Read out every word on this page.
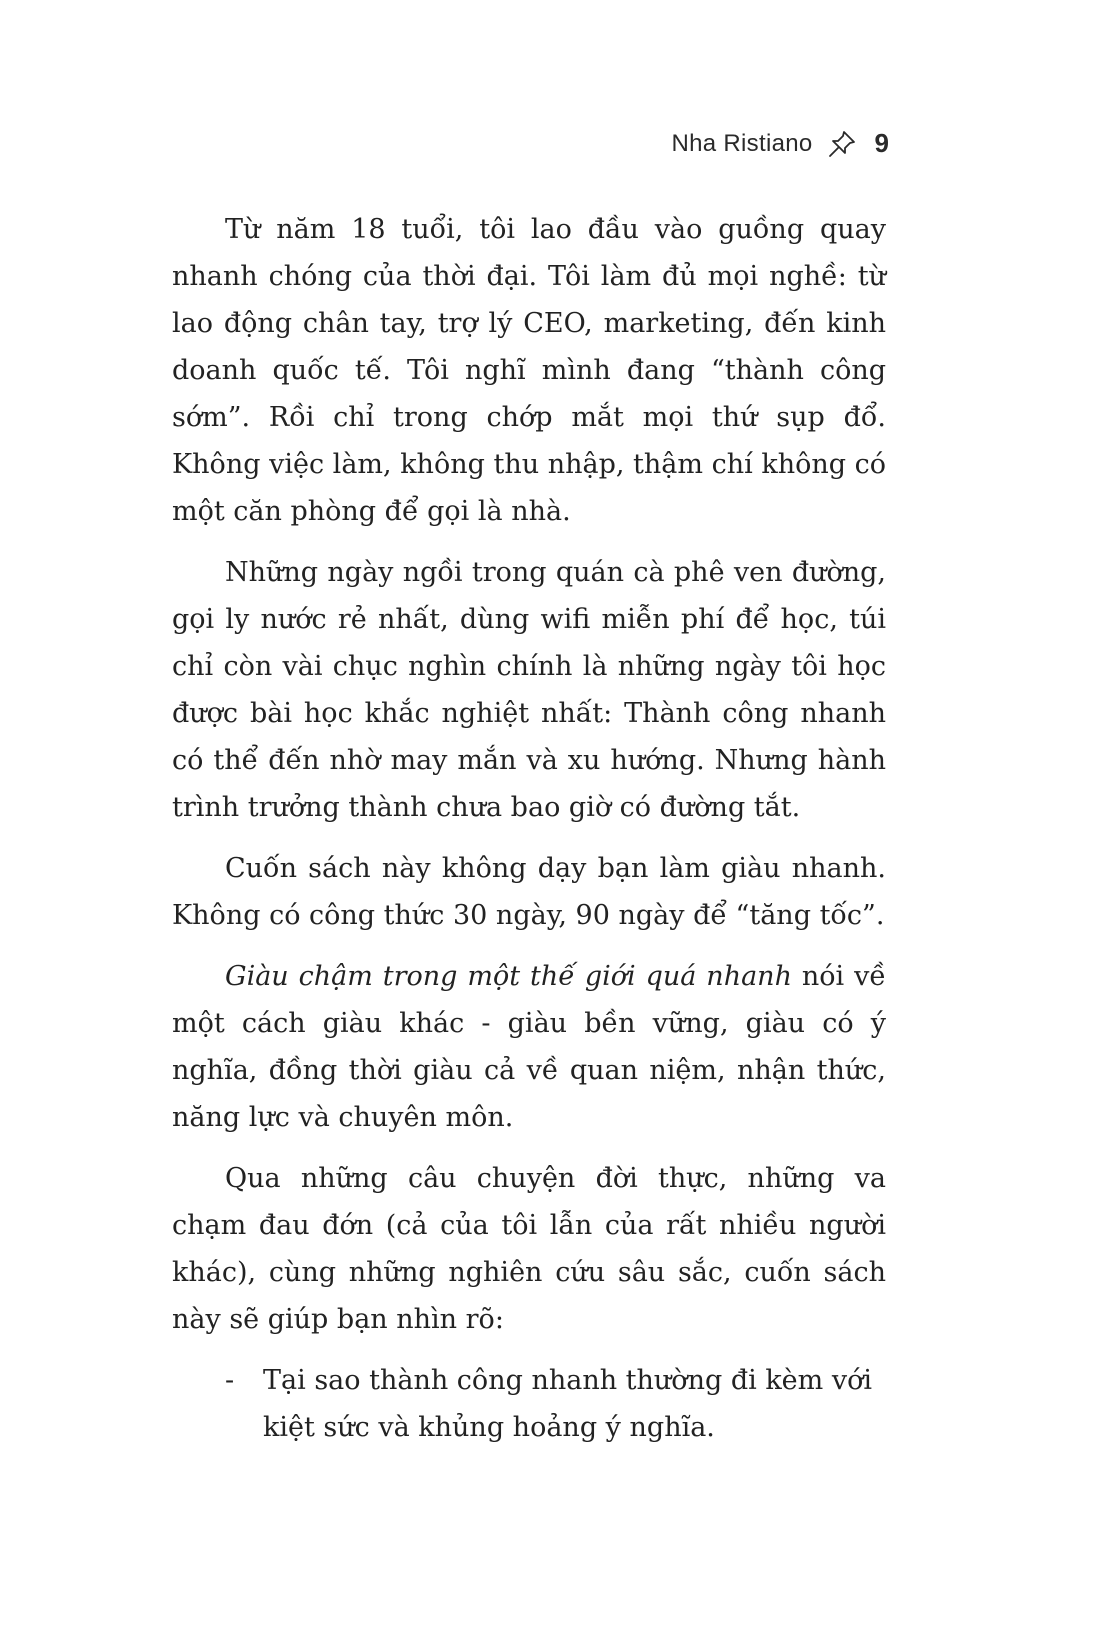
Nha Ristiano 9

Từ năm 18 tuổi, tôi lao đầu vào guồng quay nhanh chóng của thời đại. Tôi làm đủ mọi nghề: từ lao động chân tay, trợ lý CEO, marketing, đến kinh doanh quốc tế. Tôi nghĩ mình đang “thành công sớm”. Rồi chỉ trong chớp mắt mọi thứ sụp đổ. Không việc làm, không thu nhập, thậm chí không có một căn phòng để gọi là nhà.

Những ngày ngồi trong quán cà phê ven đường, gọi ly nước rẻ nhất, dùng wifi miễn phí để học, túi chỉ còn vài chục nghìn chính là những ngày tôi học được bài học khắc nghiệt nhất: Thành công nhanh có thể đến nhờ may mắn và xu hướng. Nhưng hành trình trưởng thành chưa bao giờ có đường tắt.

Cuốn sách này không dạy bạn làm giàu nhanh. Không có công thức 30 ngày, 90 ngày để “tăng tốc”.

Giàu chậm trong một thế giới quá nhanh nói về một cách giàu khác - giàu bền vững, giàu có ý nghĩa, đồng thời giàu cả về quan niệm, nhận thức, năng lực và chuyên môn.

Qua những câu chuyện đời thực, những va chạm đau đớn (cả của tôi lẫn của rất nhiều người khác), cùng những nghiên cứu sâu sắc, cuốn sách này sẽ giúp bạn nhìn rõ:

-	Tại sao thành công nhanh thường đi kèm với kiệt sức và khủng hoảng ý nghĩa.
